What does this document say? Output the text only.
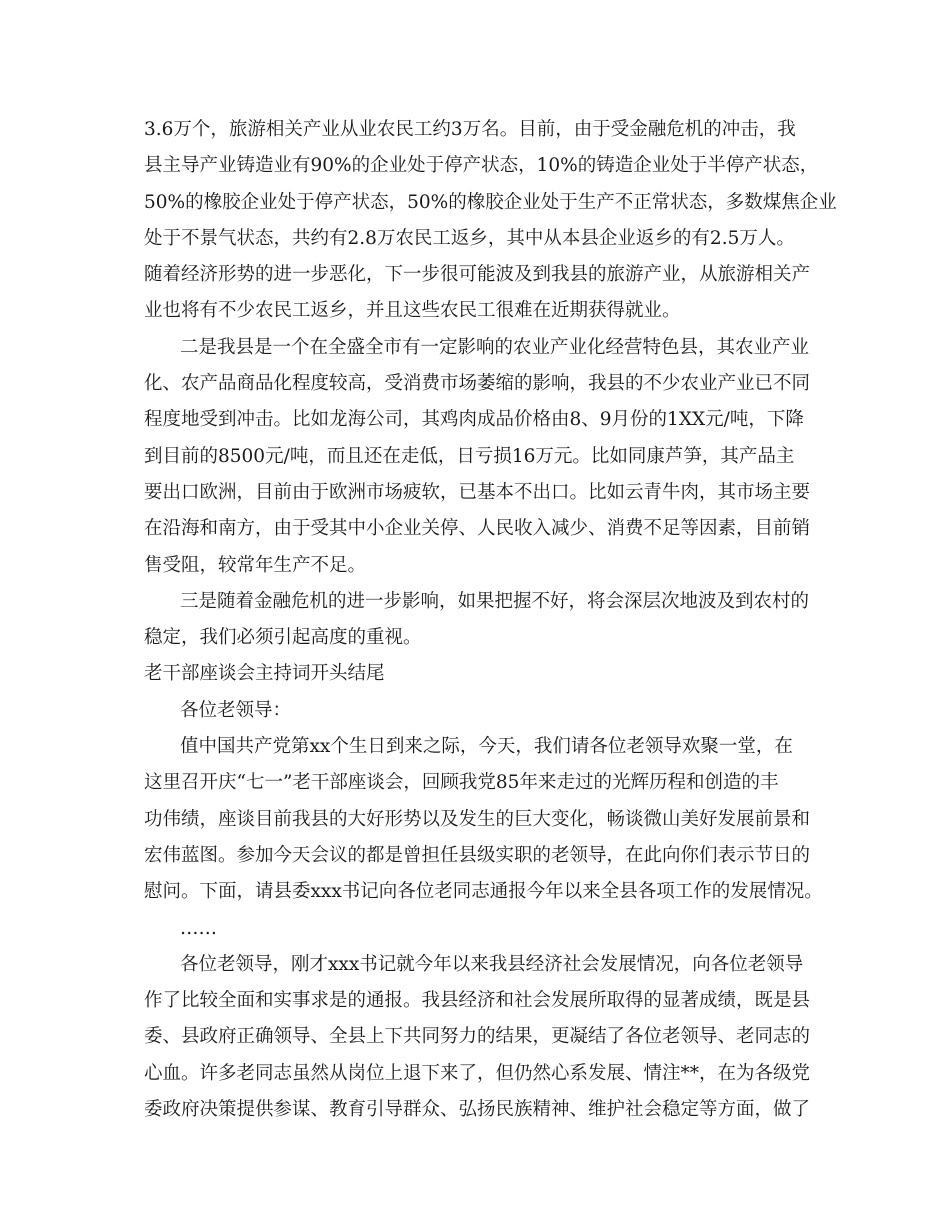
3.6万个，旅游相关产业从业农民工约3万名。目前，由于受金融危机的冲击，我
县主导产业铸造业有90%的企业处于停产状态，10%的铸造企业处于半停产状态，
50%的橡胶企业处于停产状态，50%的橡胶企业处于生产不正常状态，多数煤焦企业
处于不景气状态，共约有2.8万农民工返乡，其中从本县企业返乡的有2.5万人。
随着经济形势的进一步恶化，下一步很可能波及到我县的旅游产业，从旅游相关产
业也将有不少农民工返乡，并且这些农民工很难在近期获得就业。
二是我县是一个在全盛全市有一定影响的农业产业化经营特色县，其农业产业
化、农产品商品化程度较高，受消费市场萎缩的影响，我县的不少农业产业已不同
程度地受到冲击。比如龙海公司，其鸡肉成品价格由8、9月份的1XX元/吨，下降
到目前的8500元/吨，而且还在走低，日亏损16万元。比如同康芦笋，其产品主
要出口欧洲，目前由于欧洲市场疲软，已基本不出口。比如云青牛肉，其市场主要
在沿海和南方，由于受其中小企业关停、人民收入减少、消费不足等因素，目前销
售受阻，较常年生产不足。
三是随着金融危机的进一步影响，如果把握不好，将会深层次地波及到农村的
稳定，我们必须引起高度的重视。
老干部座谈会主持词开头结尾
各位老领导：
值中国共产党第xx个生日到来之际，今天，我们请各位老领导欢聚一堂，在
这里召开庆“七一”老干部座谈会，回顾我党85年来走过的光辉历程和创造的丰
功伟绩，座谈目前我县的大好形势以及发生的巨大变化，畅谈微山美好发展前景和
宏伟蓝图。参加今天会议的都是曾担任县级实职的老领导，在此向你们表示节日的
慰问。下面，请县委xxx书记向各位老同志通报今年以来全县各项工作的发展情况。
……
各位老领导，刚才xxx书记就今年以来我县经济社会发展情况，向各位老领导
作了比较全面和实事求是的通报。我县经济和社会发展所取得的显著成绩，既是县
委、县政府正确领导、全县上下共同努力的结果，更凝结了各位老领导、老同志的
心血。许多老同志虽然从岗位上退下来了，但仍然心系发展、情注**，在为各级党
委政府决策提供参谋、教育引导群众、弘扬民族精神、维护社会稳定等方面，做了
